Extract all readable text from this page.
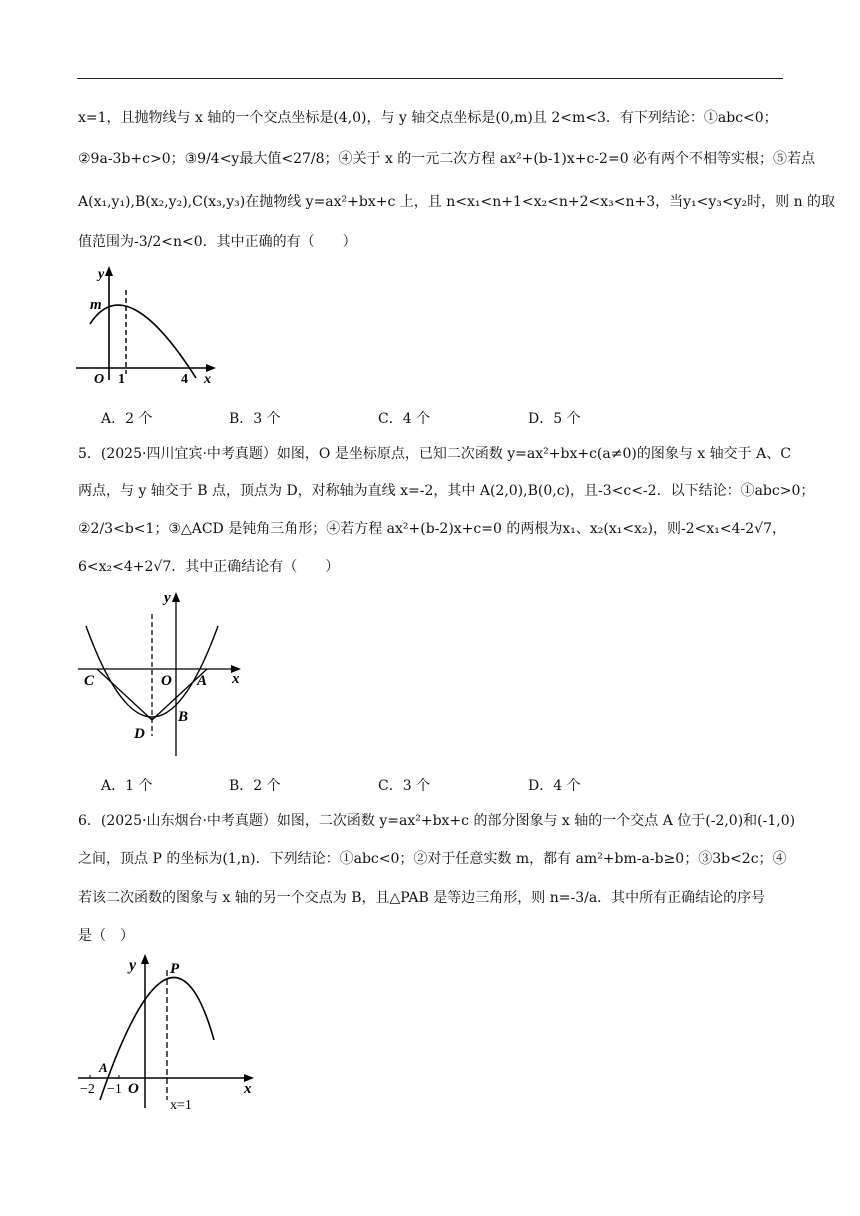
x=1，且抛物线与 x 轴的一个交点坐标是(4,0)，与 y 轴交点坐标是(0,m)且 2<m<3．有下列结论：①abc<0；
②9a-3b+c>0；③9/4<y最大值<27/8；④关于 x 的一元二次方程 ax²+(b-1)x+c-2=0 必有两个不相等实根；⑤若点
A(x₁,y₁),B(x₂,y₂),C(x₃,y₃)在抛物线 y=ax²+bx+c 上，且 n<x₁<n+1<x₂<n+2<x₃<n+3，当y₁<y₃<y₂时，则 n 的取
值范围为-3/2<n<0．其中正确的有（　　）
y
m
O 1	4 x
A．2 个	B．3 个	C．4 个	D．5 个
5．(2025·四川宜宾·中考真题）如图，O 是坐标原点，已知二次函数 y=ax²+bx+c(a≠0)的图象与 x 轴交于 A、C
两点，与 y 轴交于 B 点，顶点为 D，对称轴为直线 x=-2，其中 A(2,0),B(0,c)，且-3<c<-2．以下结论：①abc>0；
②2/3<b<1；③△ACD 是钝角三角形；④若方程 ax²+(b-2)x+c=0 的两根为x₁、x₂(x₁<x₂)，则-2<x₁<4-2√7，
6<x₂<4+2√7．其中正确结论有（　　）
y
x
C	O A
B
D
A．1 个	B．2 个	C．3 个	D．4 个
6．(2025·山东烟台·中考真题）如图，二次函数 y=ax²+bx+c 的部分图象与 x 轴的一个交点 A 位于(-2,0)和(-1,0)
之间，顶点 P 的坐标为(1,n)．下列结论：①abc<0；②对于任意实数 m，都有 am²+bm-a-b≥0；③3b<2c；④
若该二次函数的图象与 x 轴的另一个交点为 B，且△PAB 是等边三角形，则 n=-3/a．其中所有正确结论的序号
是（　）
y P
A
−2 −1 O	x
x=1
